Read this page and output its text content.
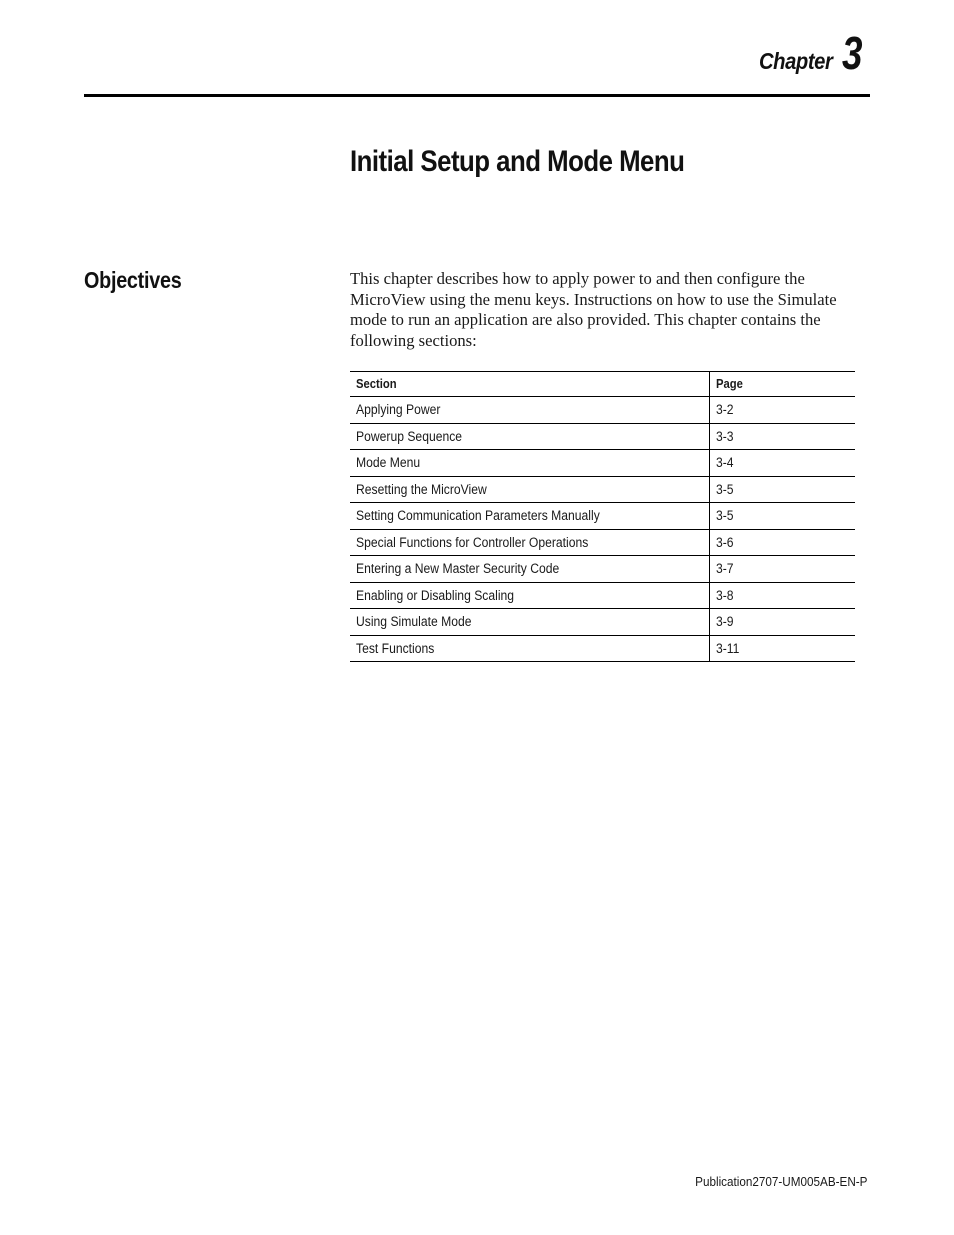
Chapter 3
Initial Setup and Mode Menu
Objectives	This chapter describes how to apply power to and then configure the MicroView using the menu keys. Instructions on how to use the Simulate mode to run an application are also provided. This chapter contains the following sections:

Section	Page
Applying Power	3-2
Powerup Sequence	3-3
Mode Menu	3-4
Resetting the MicroView	3-5
Setting Communication Parameters Manually	3-5
Special Functions for Controller Operations	3-6
Entering a New Master Security Code	3-7
Enabling or Disabling Scaling	3-8
Using Simulate Mode	3-9
Test Functions	3-11
Publication2707-UM005AB-EN-P
